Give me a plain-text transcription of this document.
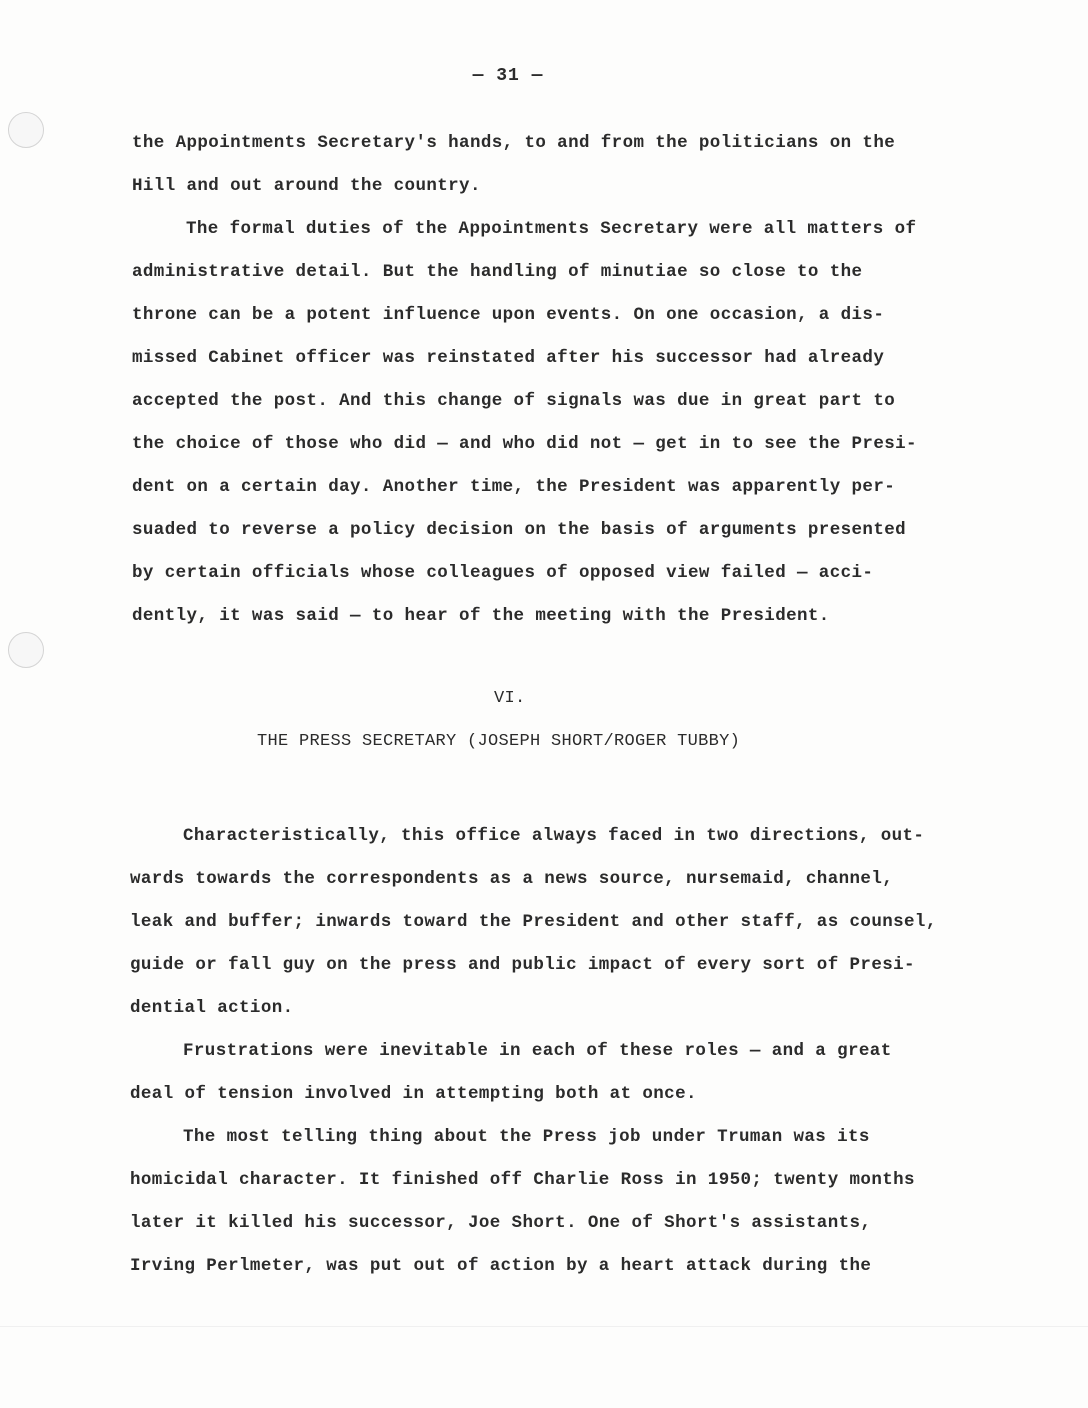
— 31 —
the Appointments Secretary's hands, to and from the politicians on the
Hill and out around the country.
The formal duties of the Appointments Secretary were all matters of
administrative detail. But the handling of minutiae so close to the
throne can be a potent influence upon events. On one occasion, a dis-
missed Cabinet officer was reinstated after his successor had already
accepted the post. And this change of signals was due in great part to
the choice of those who did — and who did not — get in to see the Presi-
dent on a certain day. Another time, the President was apparently per-
suaded to reverse a policy decision on the basis of arguments presented
by certain officials whose colleagues of opposed view failed — acci-
dently, it was said — to hear of the meeting with the President.
VI.
THE PRESS SECRETARY (JOSEPH SHORT/ROGER TUBBY)
Characteristically, this office always faced in two directions, out-
wards towards the correspondents as a news source, nursemaid, channel,
leak and buffer; inwards toward the President and other staff, as counsel,
guide or fall guy on the press and public impact of every sort of Presi-
dential action.
Frustrations were inevitable in each of these roles — and a great
deal of tension involved in attempting both at once.
The most telling thing about the Press job under Truman was its
homicidal character. It finished off Charlie Ross in 1950; twenty months
later it killed his successor, Joe Short. One of Short's assistants,
Irving Perlmeter, was put out of action by a heart attack during the
